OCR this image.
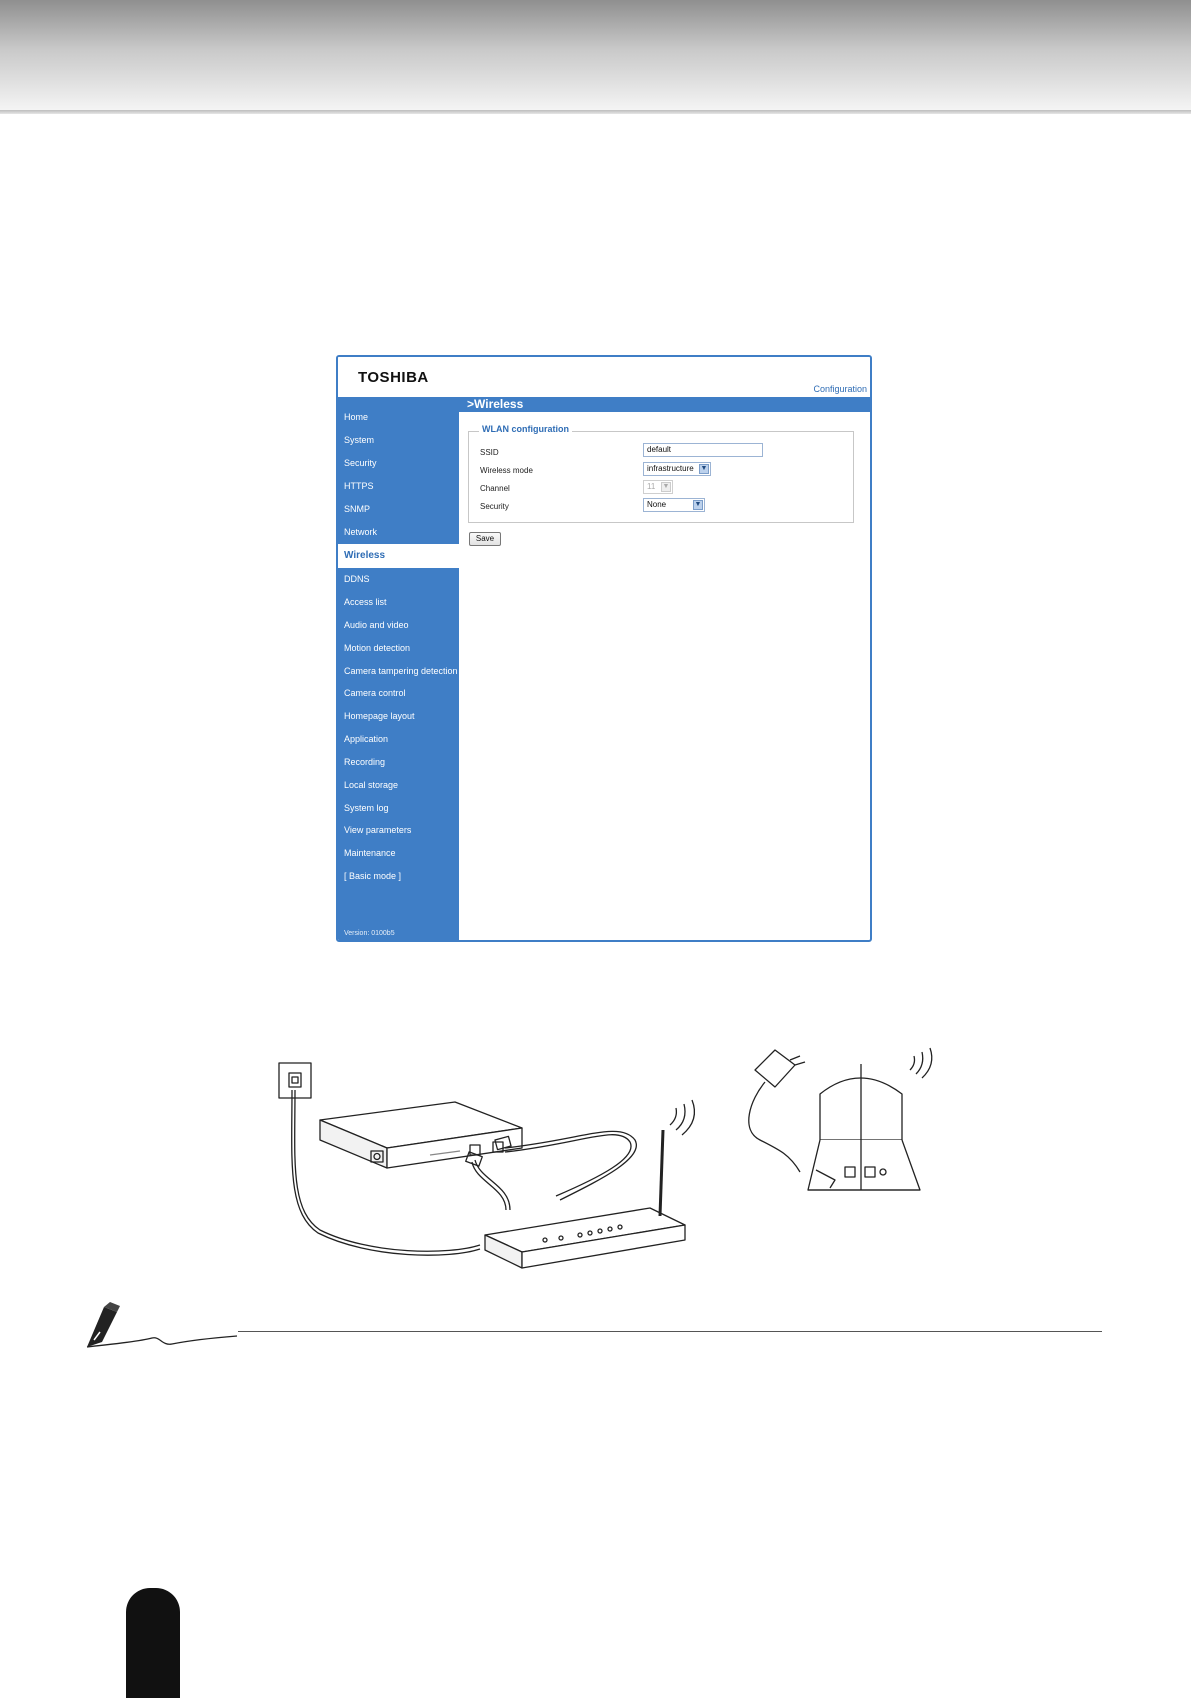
TOSHIBA
Configuration
Home
System
Security
HTTPS
SNMP
Network
Wireless
DDNS
Access list
Audio and video
Motion detection
Camera tampering detection
Camera control
Homepage layout
Application
Recording
Local storage
System log
View parameters
Maintenance
[ Basic mode ]
Version: 0100b5
>Wireless
WLAN configuration
SSID	default
Wireless mode	infrastructure ▼
Channel	11 ▼
Security	None	▼
Save
